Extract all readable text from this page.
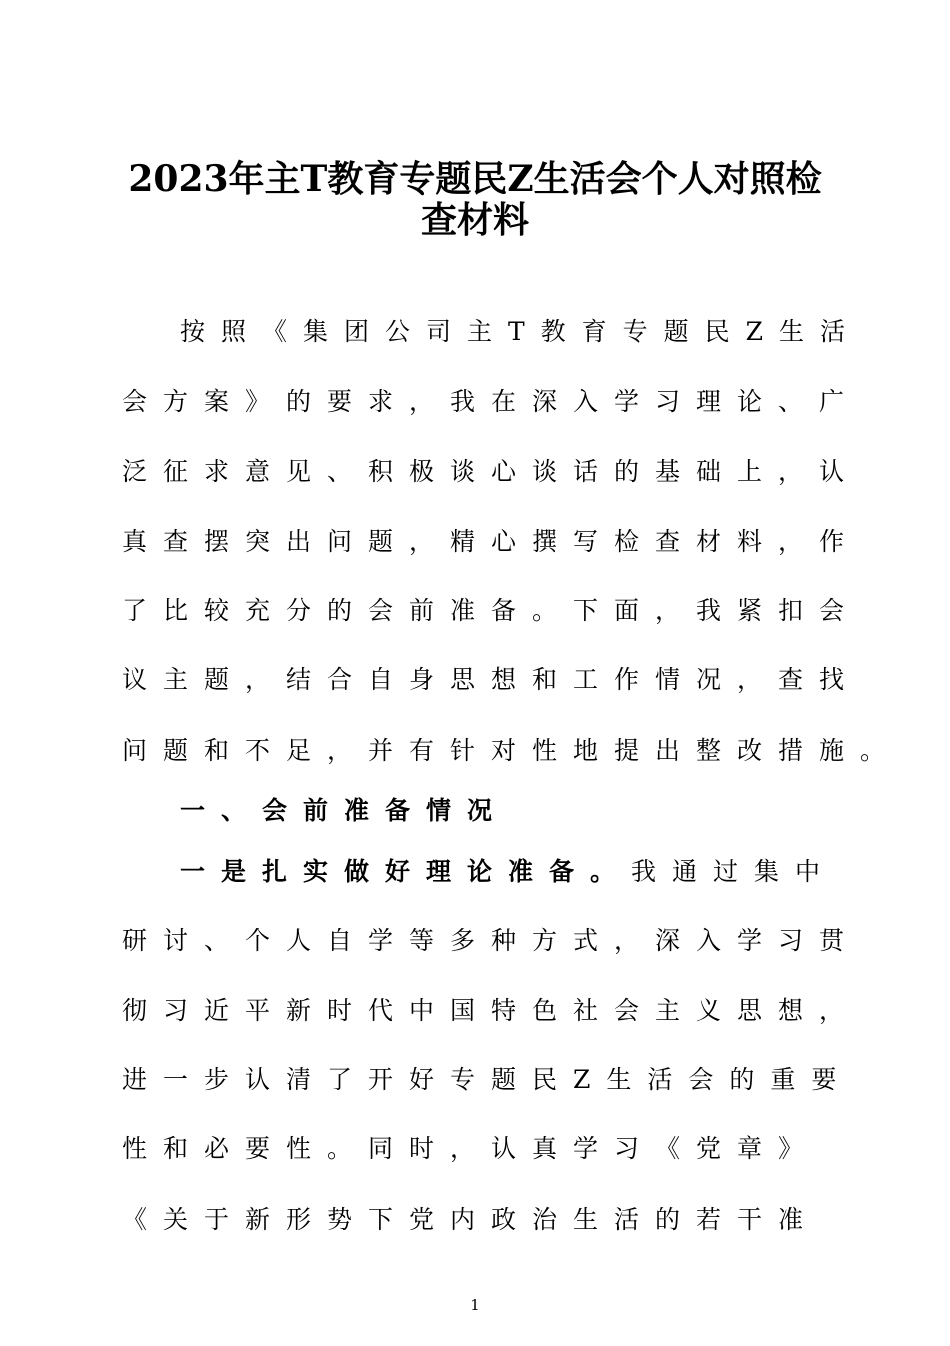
2023年主T教育专题民Z生活会个人对照检
查材料

按照《集团公司主T教育专题民Z生活

会方案》的要求，我在深入学习理论、广

泛征求意见、积极谈心谈话的基础上，认

真查摆突出问题，精心撰写检查材料，作

了比较充分的会前准备。下面，我紧扣会

议主题，结合自身思想和工作情况，查找

问题和不足，并有针对性地提出整改措施。

一、会前准备情况

一是扎实做好理论准备。我通过集中

研讨、个人自学等多种方式，深入学习贯

彻习近平新时代中国特色社会主义思想，

进一步认清了开好专题民Z生活会的重要

性和必要性。同时，认真学习《党章》

《关于新形势下党内政治生活的若干准

1
